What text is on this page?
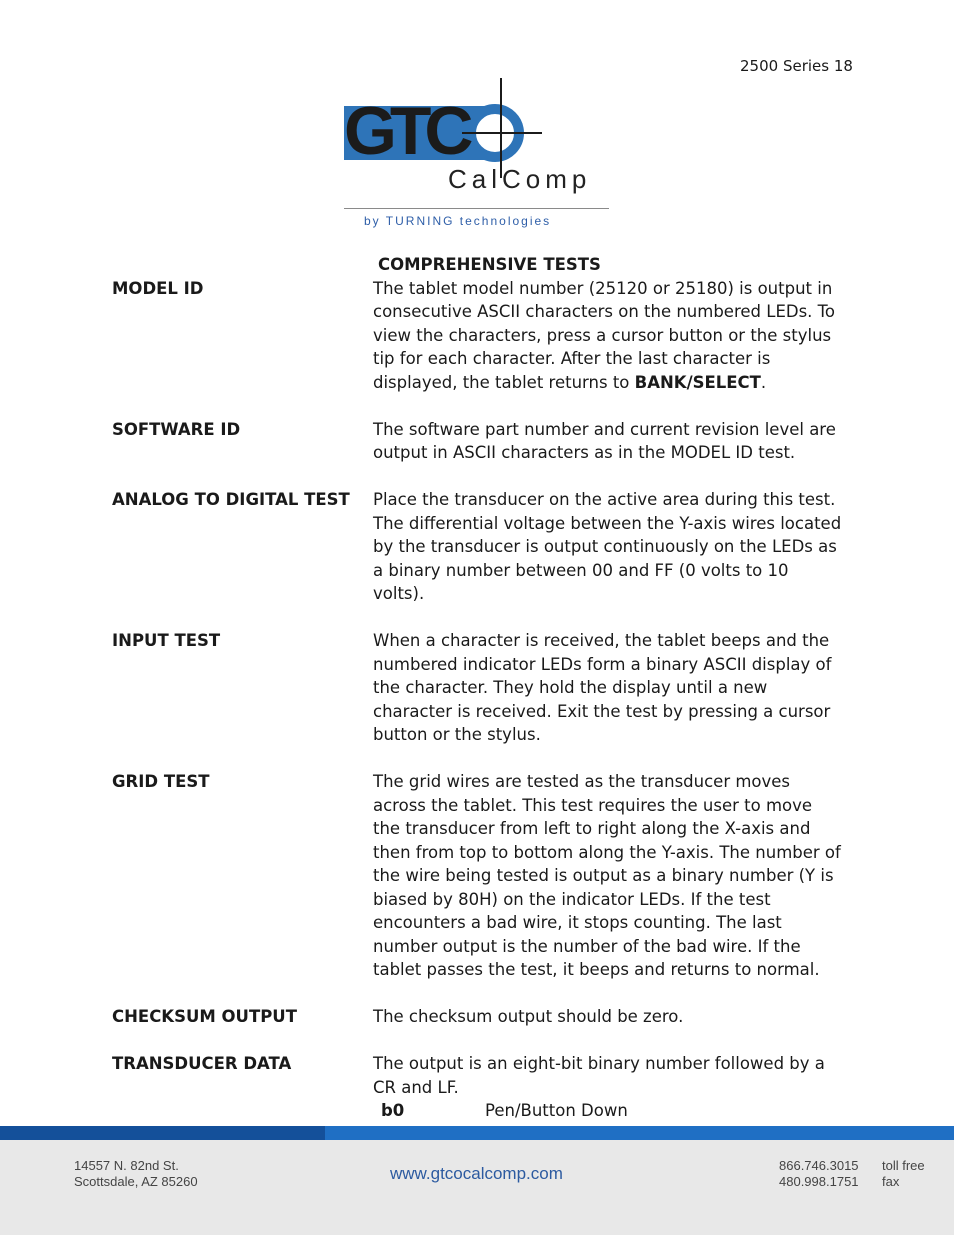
2500 Series 18
GTC
CalComp
by TURNING technologies
COMPREHENSIVE TESTS
MODEL ID	The tablet model number (25120 or 25180) is output in consecutive ASCII characters on the numbered LEDs. To view the characters, press a cursor button or the stylus tip for each character. After the last character is displayed, the tablet returns to BANK/SELECT.
SOFTWARE ID	The software part number and current revision level are output in ASCII characters as in the MODEL ID test.
ANALOG TO DIGITAL TEST	Place the transducer on the active area during this test. The differential voltage between the Y-axis wires located by the transducer is output continuously on the LEDs as a binary number between 00 and FF (0 volts to 10 volts).
INPUT TEST	When a character is received, the tablet beeps and the numbered indicator LEDs form a binary ASCII display of the character. They hold the display until a new character is received. Exit the test by pressing a cursor button or the stylus.
GRID TEST	The grid wires are tested as the transducer moves across the tablet. This test requires the user to move the transducer from left to right along the X-axis and then from top to bottom along the Y-axis. The number of the wire being tested is output as a binary number (Y is biased by 80H) on the indicator LEDs. If the test encounters a bad wire, it stops counting. The last number output is the number of the bad wire. If the tablet passes the test, it beeps and returns to normal.
CHECKSUM OUTPUT	The checksum output should be zero.
TRANSDUCER DATA	The output is an eight-bit binary number followed by a CR and LF.
b0	Pen/Button Down
14557 N. 82nd St.
Scottsdale, AZ 85260	www.gtcocalcomp.com	866.746.3015	toll free
480.998.1751	fax
